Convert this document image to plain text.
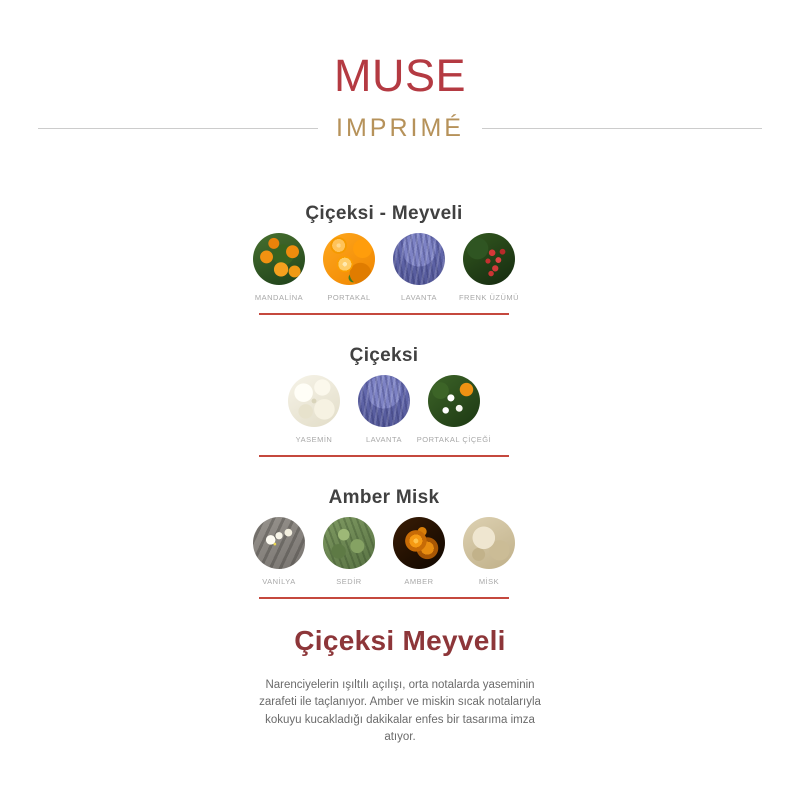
MUSE
IMPRIMÉ
Çiçeksi - Meyveli
MANDALİNA	PORTAKAL	LAVANTA	FRENK ÜZÜMÜ
Çiçeksi
YASEMİN	LAVANTA PORTAKAL ÇİÇEĞİ
Amber Misk
VANİLYA	SEDİR	AMBER	MİSK
Çiçeksi Meyveli

Narenciyelerin ışıltılı açılışı, orta notalarda yaseminin zarafeti ile taçlanıyor. Amber ve miskin sıcak notalarıyla kokuyu kucakladığı dakikalar enfes bir tasarıma imza atıyor.
